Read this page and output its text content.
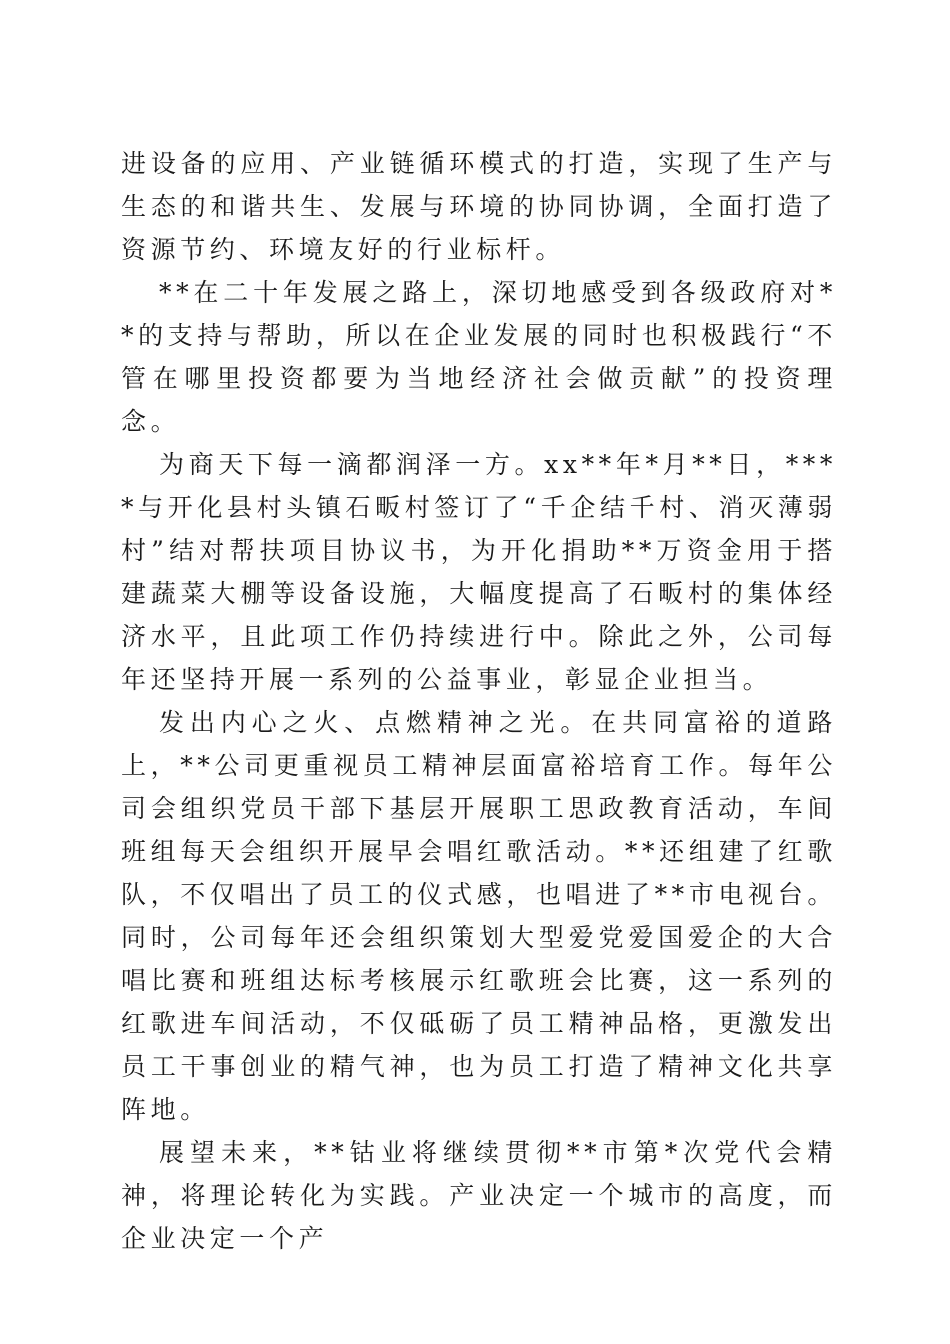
进设备的应用、产业链循环模式的打造，实现了生产与生态的和谐共生、发展与环境的协同协调，全面打造了资源节约、环境友好的行业标杆。

**在二十年发展之路上，深切地感受到各级政府对**的支持与帮助，所以在企业发展的同时也积极践行“不管在哪里投资都要为当地经济社会做贡献”的投资理念。

为商天下每一滴都润泽一方。xx**年*月**日，****与开化县村头镇石畈村签订了“千企结千村、消灭薄弱村”结对帮扶项目协议书，为开化捐助**万资金用于搭建蔬菜大棚等设备设施，大幅度提高了石畈村的集体经济水平，且此项工作仍持续进行中。除此之外，公司每年还坚持开展一系列的公益事业，彰显企业担当。

发出内心之火、点燃精神之光。在共同富裕的道路上，**公司更重视员工精神层面富裕培育工作。每年公司会组织党员干部下基层开展职工思政教育活动，车间班组每天会组织开展早会唱红歌活动。**还组建了红歌队，不仅唱出了员工的仪式感，也唱进了**市电视台。同时，公司每年还会组织策划大型爱党爱国爱企的大合唱比赛和班组达标考核展示红歌班会比赛，这一系列的红歌进车间活动，不仅砥砺了员工精神品格，更激发出员工干事创业的精气神，也为员工打造了精神文化共享阵地。

展望未来，**钴业将继续贯彻**市第*次党代会精神，将理论转化为实践。产业决定一个城市的高度，而企业决定一个产
